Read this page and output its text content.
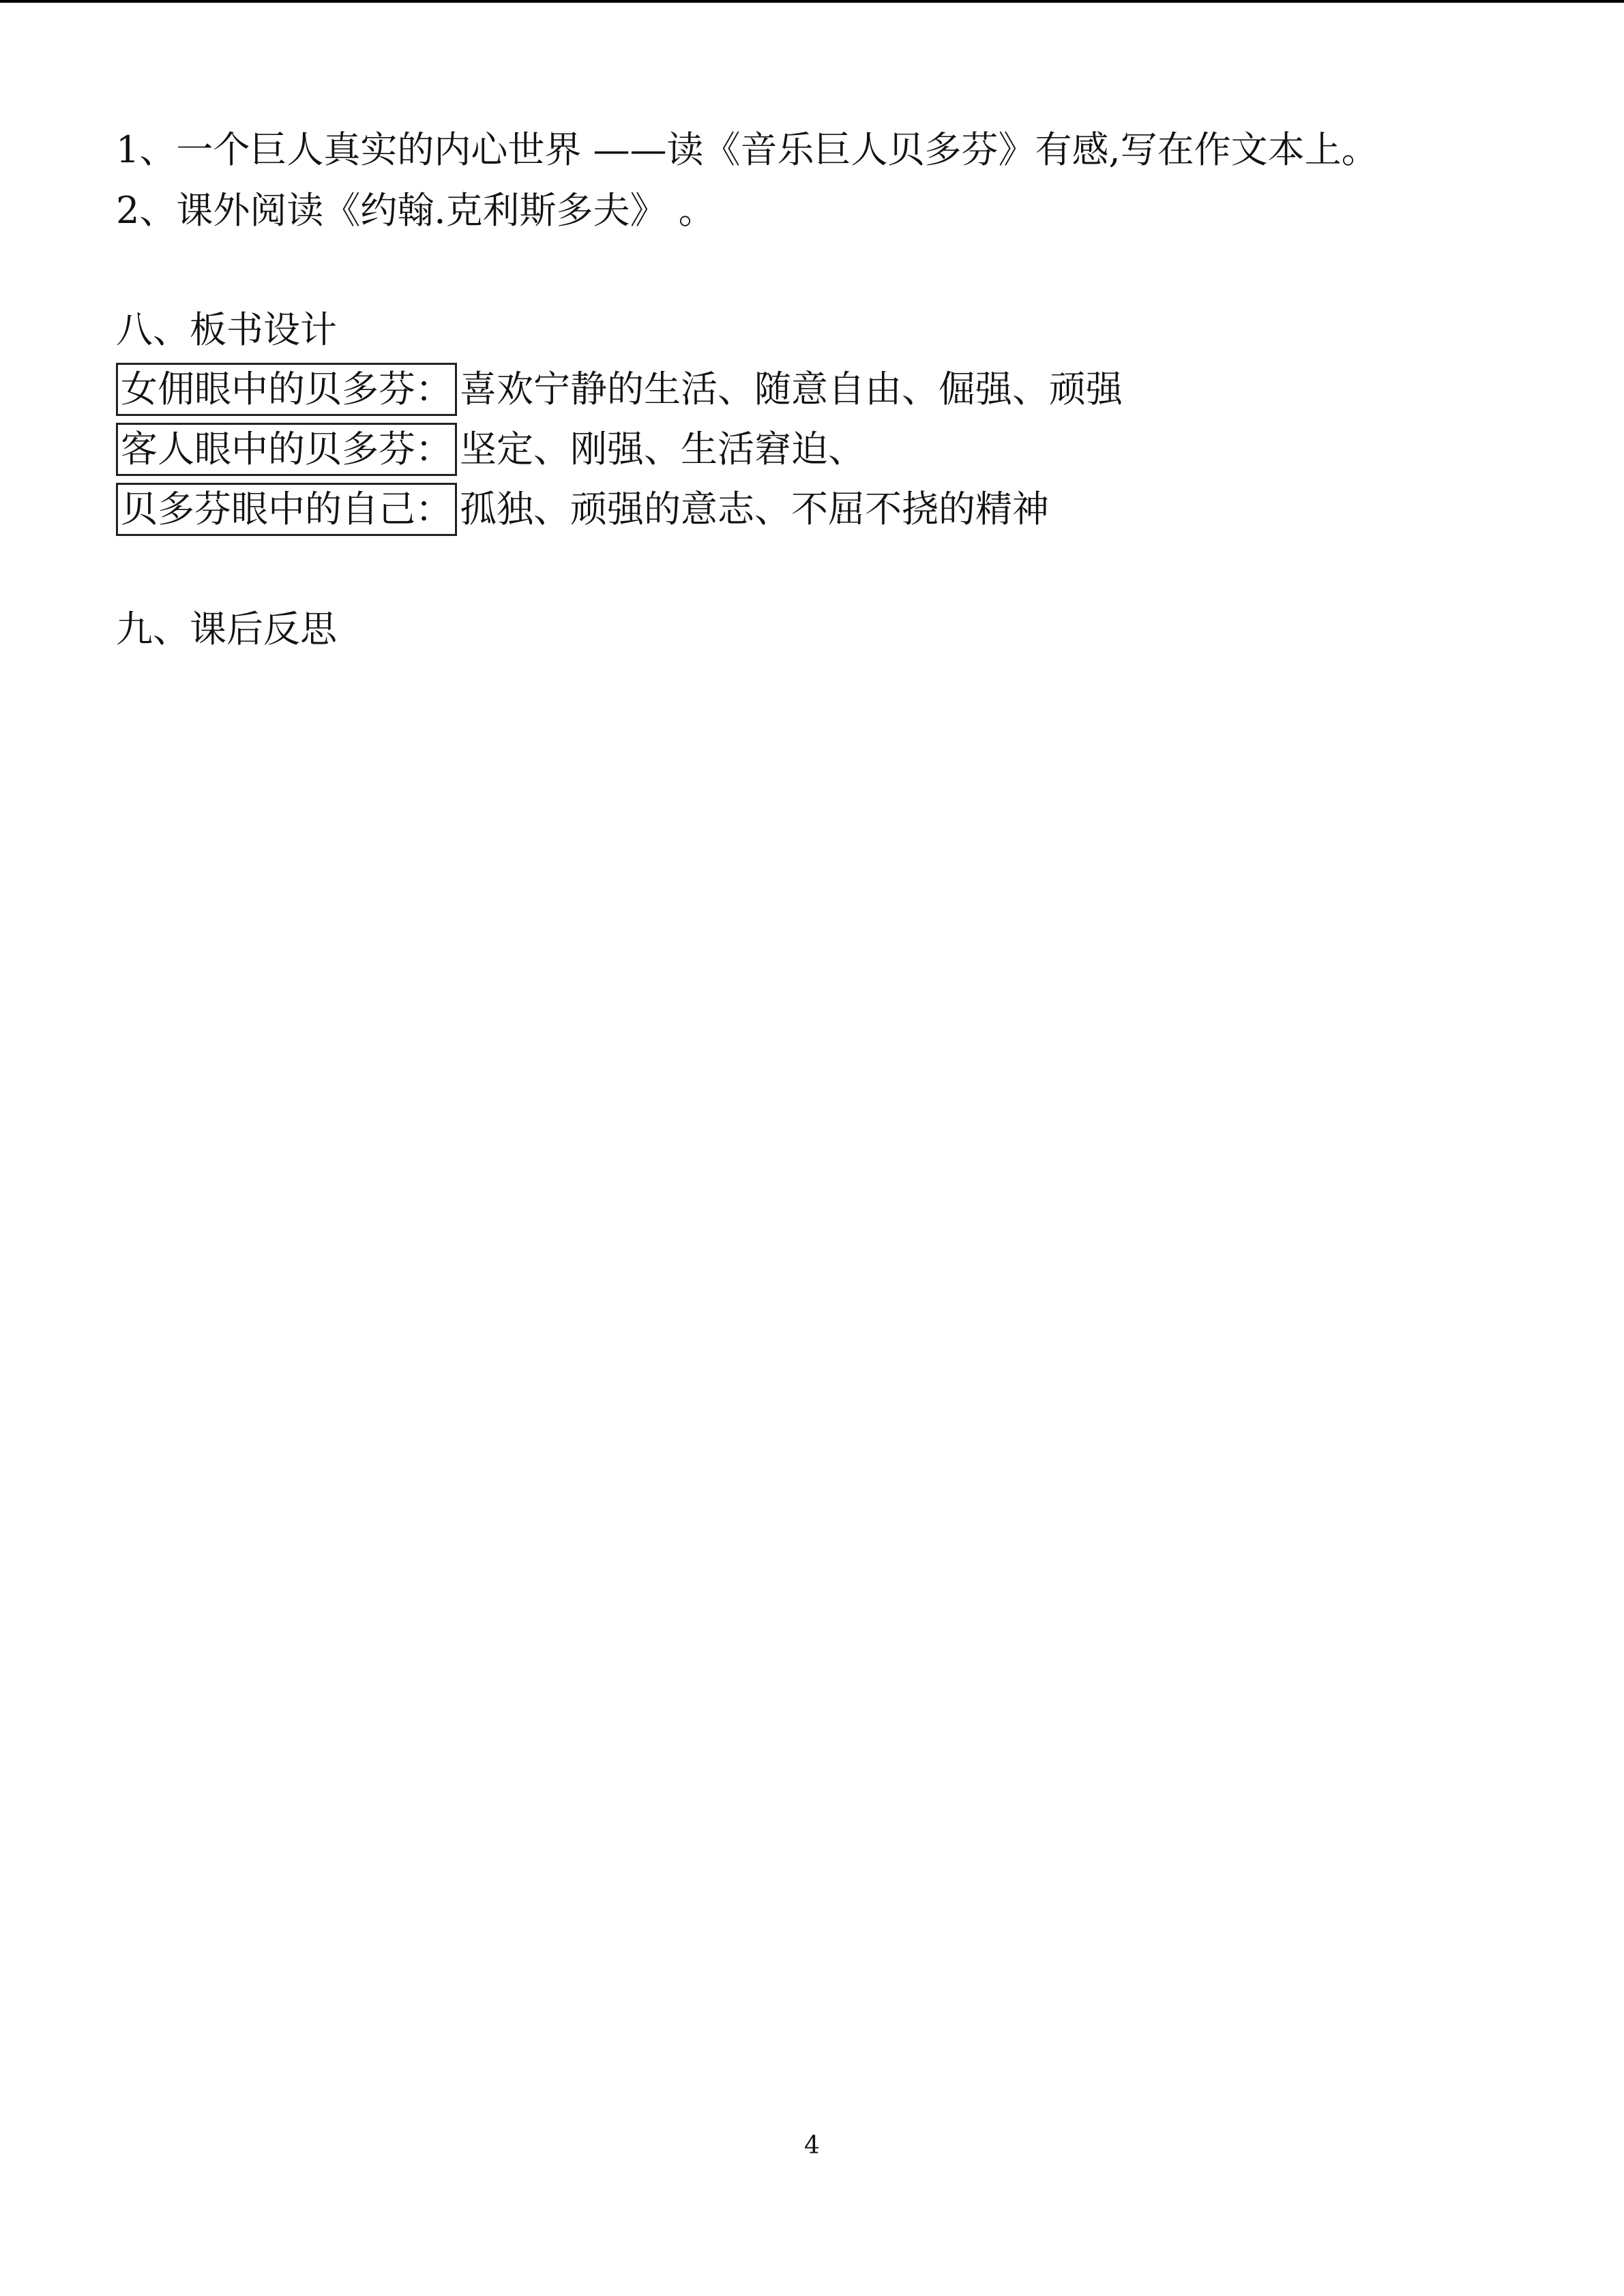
1、一个巨人真实的内心世界 ——读《音乐巨人贝多芬》有感,写在作文本上。
2、课外阅读《约翰.克利斯多夫》 。
八、板书设计
女佣眼中的贝多芬： 喜欢宁静的生活、随意自由、倔强、顽强
客人眼中的贝多芬： 坚定、刚强、生活窘迫、
贝多芬眼中的自己： 孤独、顽强的意志、不屈不挠的精神
九、课后反思
4
